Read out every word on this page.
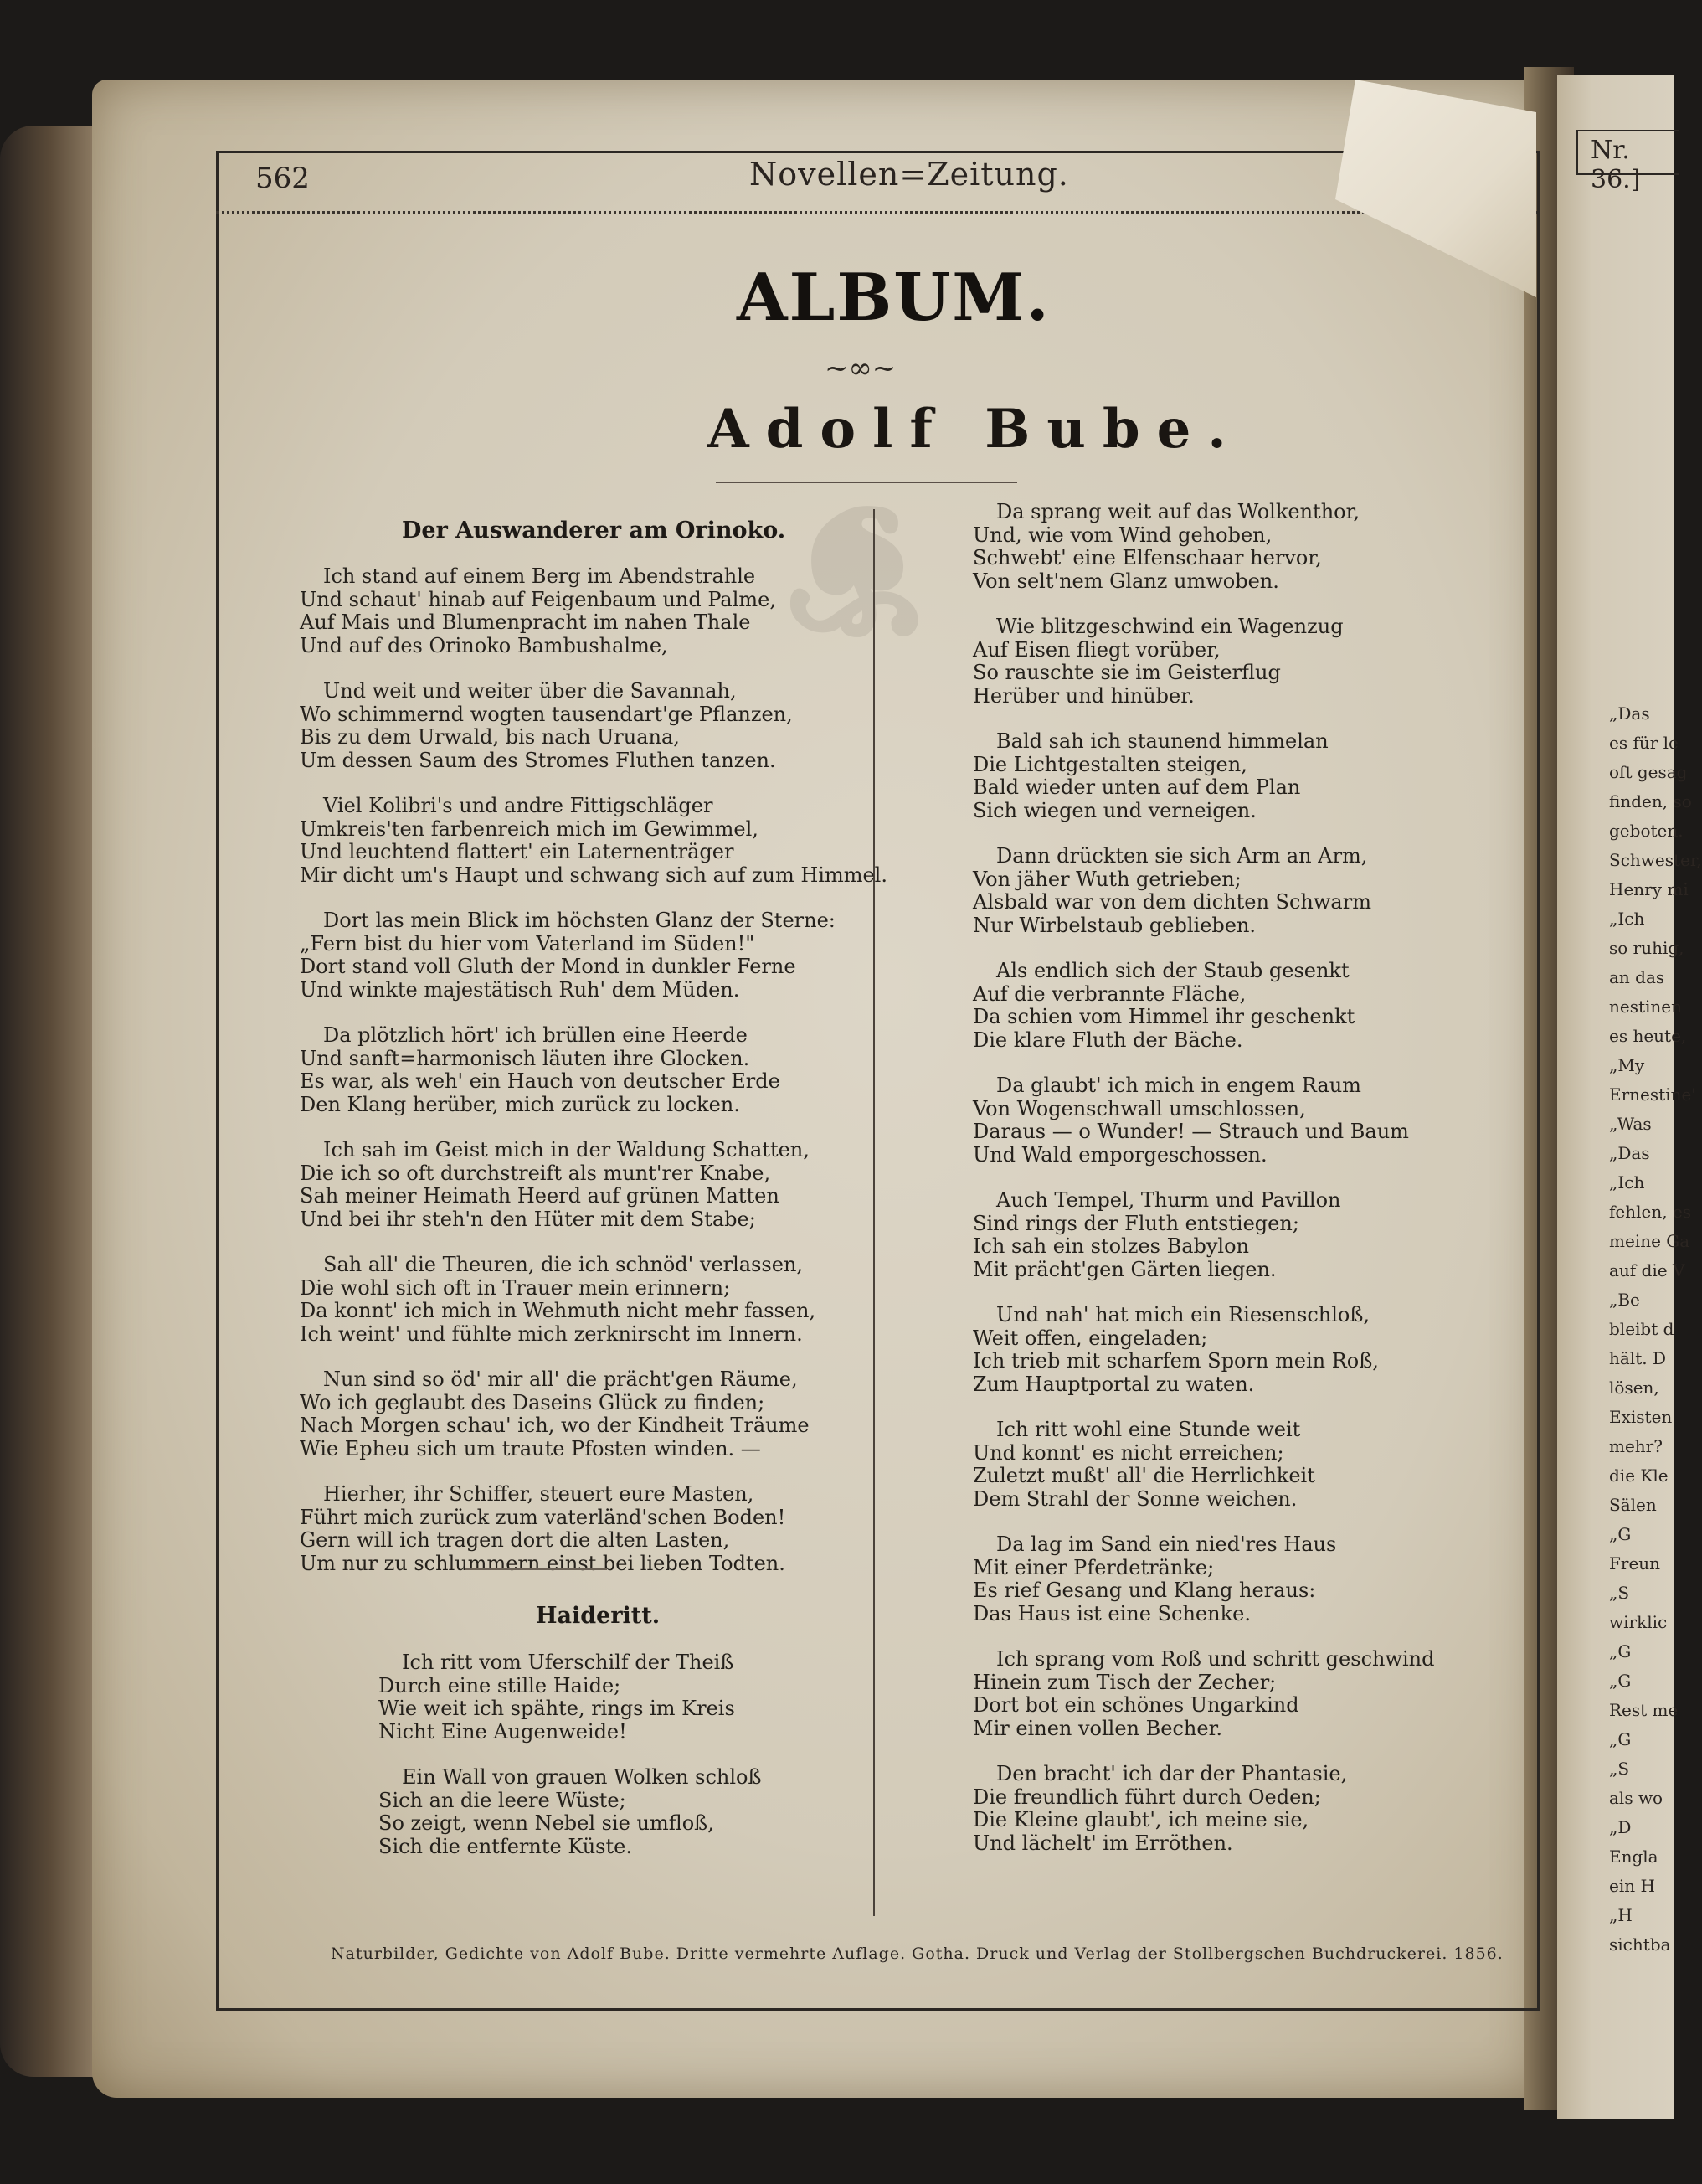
❦
562	Novellen=Zeitung.
ALBUM.
~∞~
Adolf Bube.
Der Auswanderer am Orinoko.
Ich stand auf einem Berg im Abendstrahle
Und schaut' hinab auf Feigenbaum und Palme,
Auf Mais und Blumenpracht im nahen Thale
Und auf des Orinoko Bambushalme,
Und weit und weiter über die Savannah,
Wo schimmernd wogten tausendart'ge Pflanzen,
Bis zu dem Urwald, bis nach Uruana,
Um dessen Saum des Stromes Fluthen tanzen.
Viel Kolibri's und andre Fittigschläger
Umkreis'ten farbenreich mich im Gewimmel,
Und leuchtend flattert' ein Laternenträger
Mir dicht um's Haupt und schwang sich auf zum Himmel.
Dort las mein Blick im höchsten Glanz der Sterne:
„Fern bist du hier vom Vaterland im Süden!"
Dort stand voll Gluth der Mond in dunkler Ferne
Und winkte majestätisch Ruh' dem Müden.
Da plötzlich hört' ich brüllen eine Heerde
Und sanft=harmonisch läuten ihre Glocken.
Es war, als weh' ein Hauch von deutscher Erde
Den Klang herüber, mich zurück zu locken.
Ich sah im Geist mich in der Waldung Schatten,
Die ich so oft durchstreift als munt'rer Knabe,
Sah meiner Heimath Heerd auf grünen Matten
Und bei ihr steh'n den Hüter mit dem Stabe;
Sah all' die Theuren, die ich schnöd' verlassen,
Die wohl sich oft in Trauer mein erinnern;
Da konnt' ich mich in Wehmuth nicht mehr fassen,
Ich weint' und fühlte mich zerknirscht im Innern.
Nun sind so öd' mir all' die prächt'gen Räume,
Wo ich geglaubt des Daseins Glück zu finden;
Nach Morgen schau' ich, wo der Kindheit Träume
Wie Epheu sich um traute Pfosten winden. —
Hierher, ihr Schiffer, steuert eure Masten,
Führt mich zurück zum vaterländ'schen Boden!
Gern will ich tragen dort die alten Lasten,
Um nur zu schlummern einst bei lieben Todten.
Haideritt.
Ich ritt vom Uferschilf der Theiß
Durch eine stille Haide;
Wie weit ich spähte, rings im Kreis
Nicht Eine Augenweide!
Ein Wall von grauen Wolken schloß
Sich an die leere Wüste;
So zeigt, wenn Nebel sie umfloß,
Sich die entfernte Küste.
Da sprang weit auf das Wolkenthor,
Und, wie vom Wind gehoben,
Schwebt' eine Elfenschaar hervor,
Von selt'nem Glanz umwoben.
Wie blitzgeschwind ein Wagenzug
Auf Eisen fliegt vorüber,
So rauschte sie im Geisterflug
Herüber und hinüber.
Bald sah ich staunend himmelan
Die Lichtgestalten steigen,
Bald wieder unten auf dem Plan
Sich wiegen und verneigen.
Dann drückten sie sich Arm an Arm,
Von jäher Wuth getrieben;
Alsbald war von dem dichten Schwarm
Nur Wirbelstaub geblieben.
Als endlich sich der Staub gesenkt
Auf die verbrannte Fläche,
Da schien vom Himmel ihr geschenkt
Die klare Fluth der Bäche.
Da glaubt' ich mich in engem Raum
Von Wogenschwall umschlossen,
Daraus — o Wunder! — Strauch und Baum
Und Wald emporgeschossen.
Auch Tempel, Thurm und Pavillon
Sind rings der Fluth entstiegen;
Ich sah ein stolzes Babylon
Mit prächt'gen Gärten liegen.
Und nah' hat mich ein Riesenschloß,
Weit offen, eingeladen;
Ich trieb mit scharfem Sporn mein Roß,
Zum Hauptportal zu waten.
Ich ritt wohl eine Stunde weit
Und konnt' es nicht erreichen;
Zuletzt mußt' all' die Herrlichkeit
Dem Strahl der Sonne weichen.
Da lag im Sand ein nied'res Haus
Mit einer Pferdetränke;
Es rief Gesang und Klang heraus:
Das Haus ist eine Schenke.
Ich sprang vom Roß und schritt geschwind
Hinein zum Tisch der Zecher;
Dort bot ein schönes Ungarkind
Mir einen vollen Becher.
Den bracht' ich dar der Phantasie,
Die freundlich führt durch Oeden;
Die Kleine glaubt', ich meine sie,
Und lächelt' im Erröthen.
Naturbilder, Gedichte von Adolf Bube. Dritte vermehrte Auflage. Gotha. Druck und Verlag der Stollbergschen Buchdruckerei. 1856.
Nr. 36.]
„Das
es für le
oft gesag
finden, so
geboten.
Schwester,
Henry mi
„Ich
so ruhig,
an das
nestinen
es heute,
„My
Ernestine'
„Was
„Das
„Ich
fehlen, es
meine Ga
auf die V
„Be
bleibt d
hält. D
lösen,
Existen
mehr?
die Kle
Sälen
„G
Freun
„S
wirklic
„G
„G
Rest me
„G
„S
als wo
„D
Engla
ein H
„H
sichtba
